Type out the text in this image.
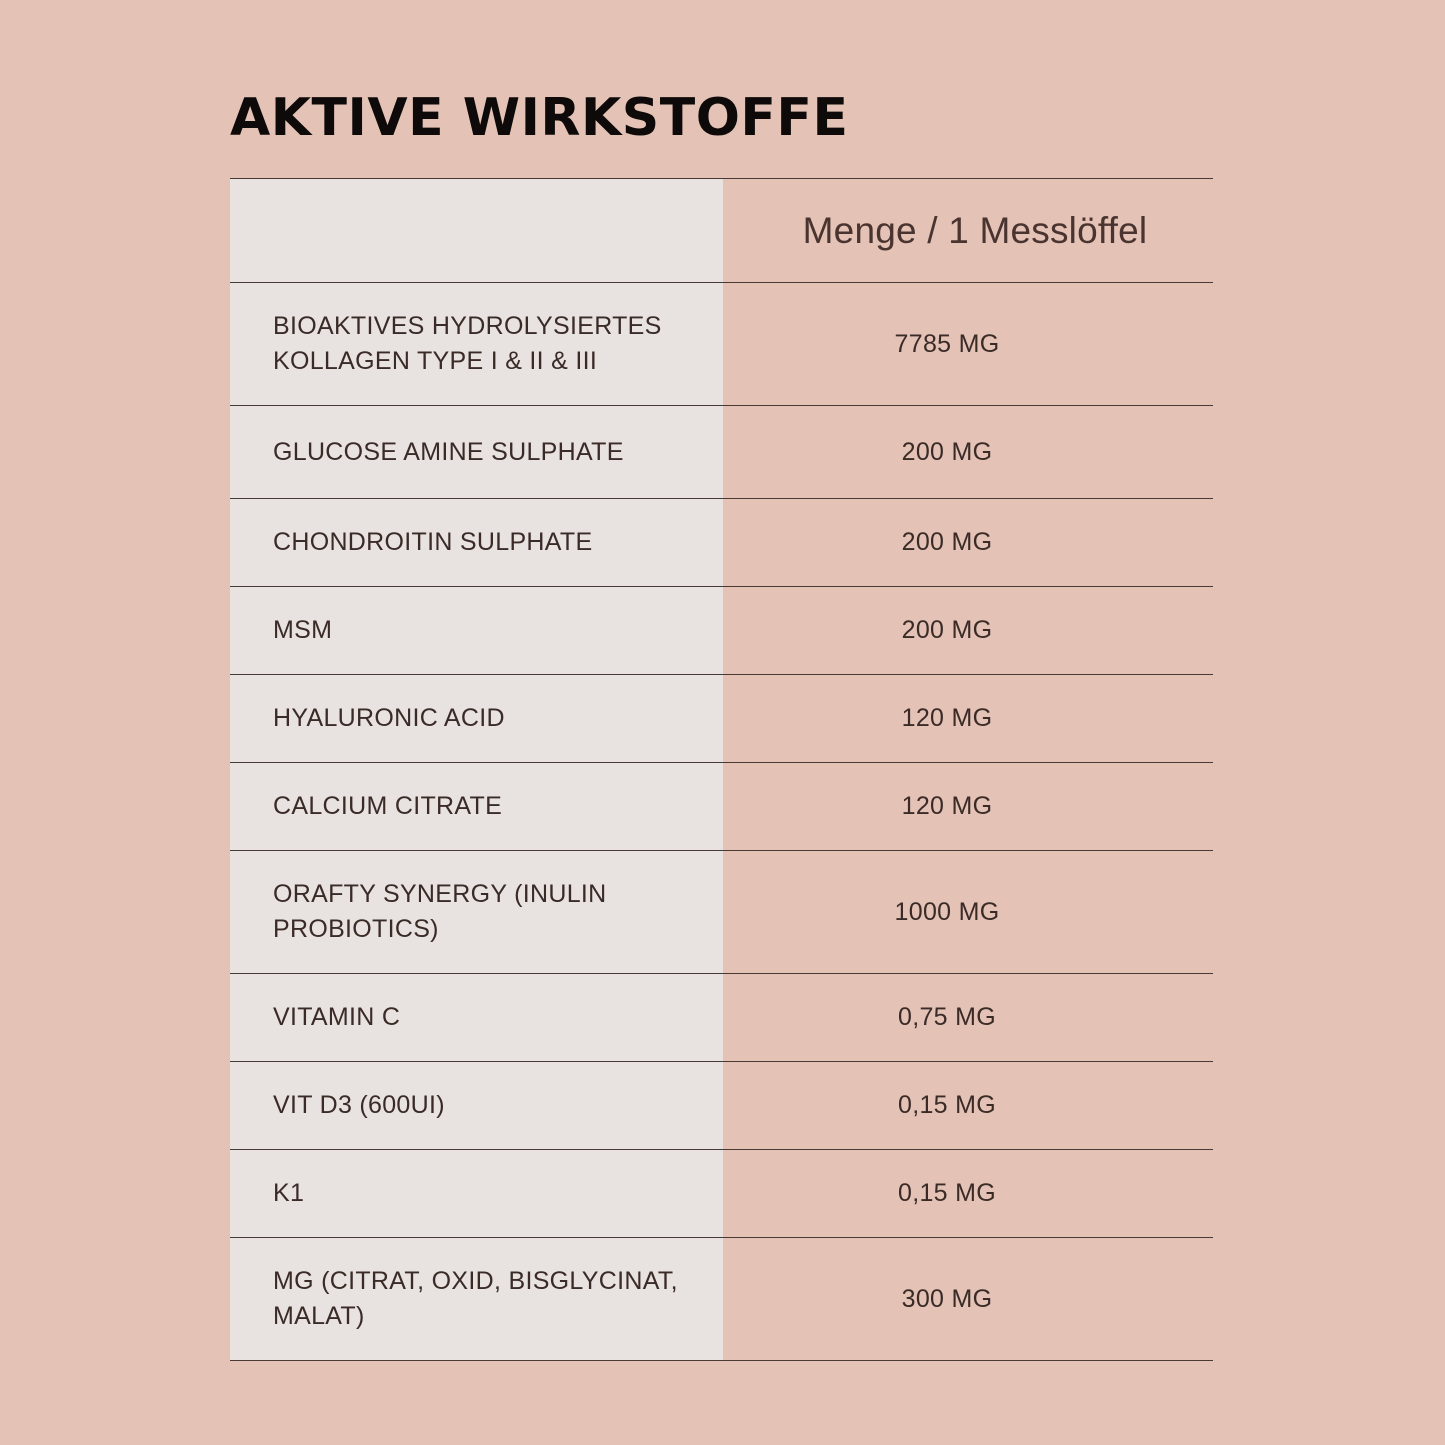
AKTIVE WIRKSTOFFE
Menge / 1 Messlöffel
BIOAKTIVES HYDROLYSIERTES
KOLLAGEN TYPE I & II & III
7785 MG
GLUCOSE AMINE SULPHATE	200 MG
CHONDROITIN SULPHATE	200 MG
MSM	200 MG
HYALURONIC ACID	120 MG
CALCIUM CITRATE	120 MG
ORAFTY SYNERGY (INULIN
PROBIOTICS)
1000 MG
VITAMIN C	0,75 MG
VIT D3 (600UI)	0,15 MG
K1	0,15 MG
MG (CITRAT, OXID, BISGLYCINAT,
MALAT)
300 MG
